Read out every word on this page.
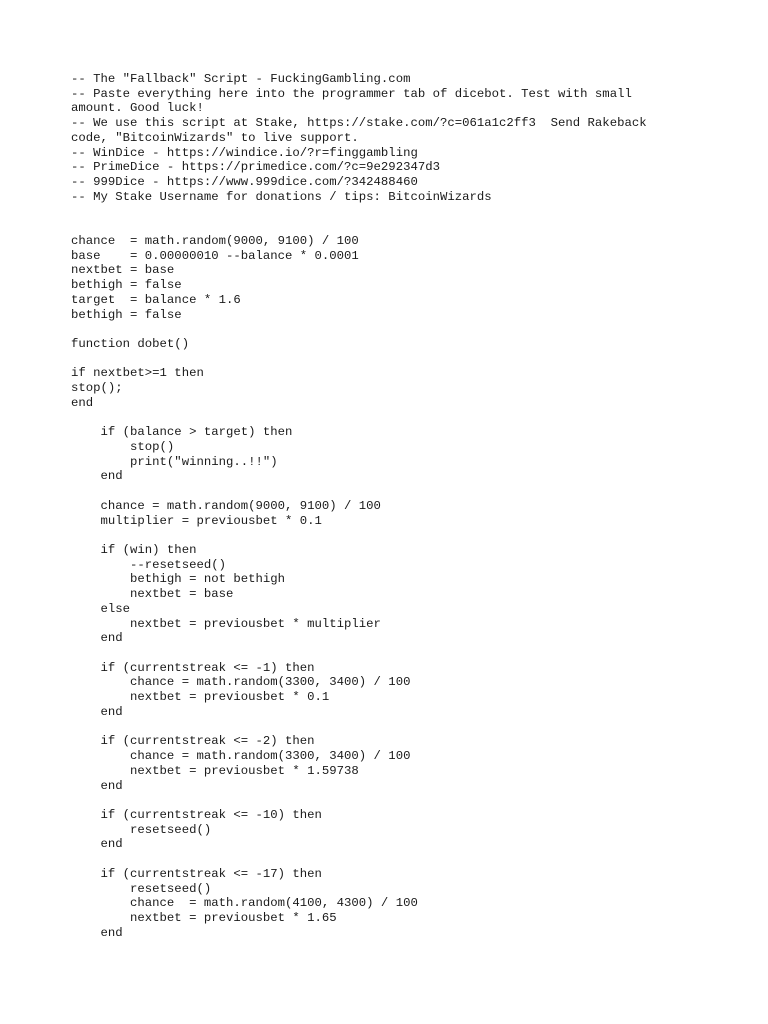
-- The "Fallback" Script - FuckingGambling.com
-- Paste everything here into the programmer tab of dicebot. Test with small
amount. Good luck!
-- We use this script at Stake, https://stake.com/?c=061a1c2ff3  Send Rakeback
code, "BitcoinWizards" to live support.
-- WinDice - https://windice.io/?r=finggambling
-- PrimeDice - https://primedice.com/?c=9e292347d3
-- 999Dice - https://www.999dice.com/?342488460
-- My Stake Username for donations / tips: BitcoinWizards
chance  = math.random(9000, 9100) / 100
base    = 0.00000010 --balance * 0.0001
nextbet = base
bethigh = false
target  = balance * 1.6
bethigh = false
function dobet()
if nextbet>=1 then
stop();
end
if (balance > target) then
stop()
print("winning..!!")
end
chance = math.random(9000, 9100) / 100
multiplier = previousbet * 0.1
if (win) then
--resetseed()
bethigh = not bethigh
nextbet = base
else
nextbet = previousbet * multiplier
end
if (currentstreak <= -1) then
chance = math.random(3300, 3400) / 100
nextbet = previousbet * 0.1
end
if (currentstreak <= -2) then
chance = math.random(3300, 3400) / 100
nextbet = previousbet * 1.59738
end
if (currentstreak <= -10) then
resetseed()
end
if (currentstreak <= -17) then
resetseed()
chance  = math.random(4100, 4300) / 100
nextbet = previousbet * 1.65
end
